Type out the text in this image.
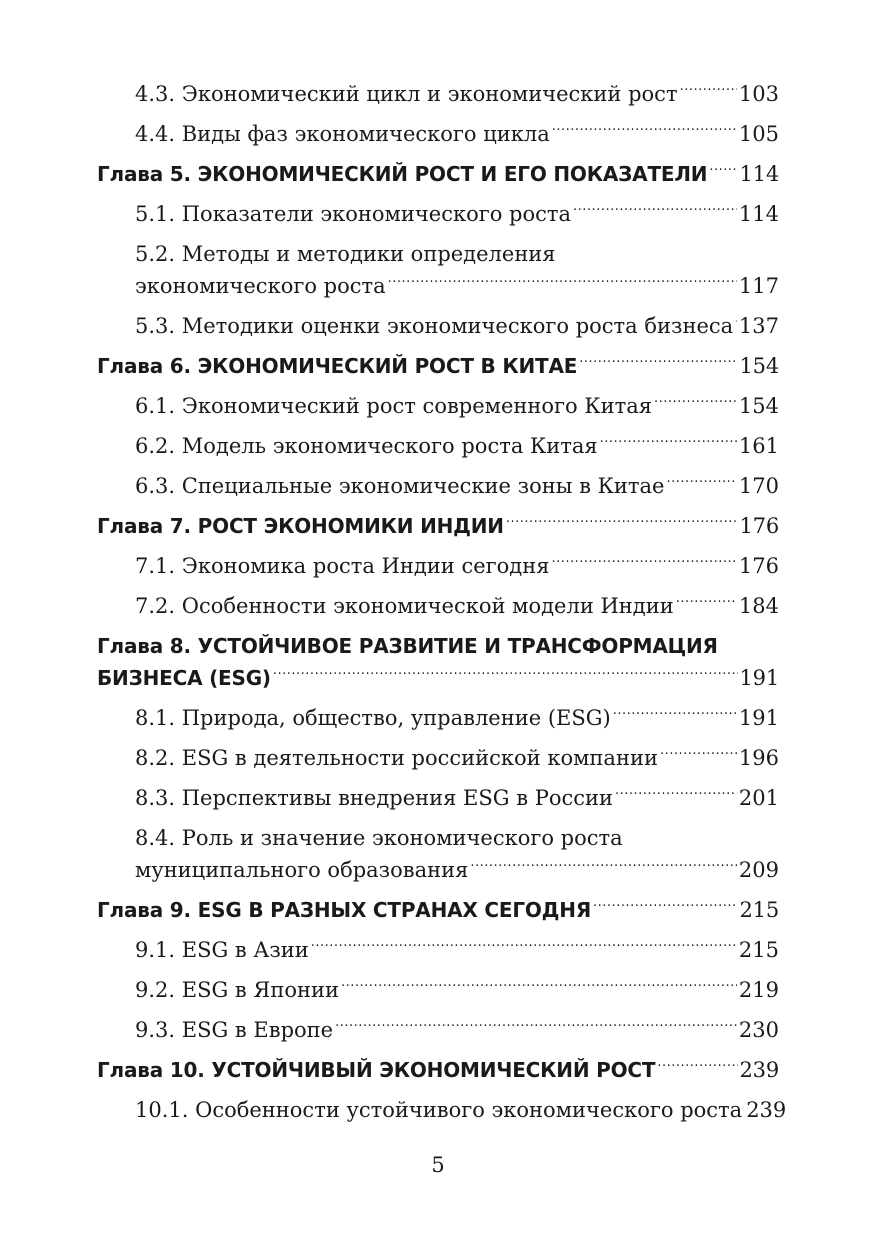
4.3. Экономический цикл и экономический рост .....	103
4.4. Виды фаз экономического цикла .....	105
Глава 5. ЭКОНОМИЧЕСКИЙ РОСТ И ЕГО ПОКАЗАТЕЛИ ..... 114
5.1. Показатели экономического роста .....	114
5.2. Методы и методики определения
экономического роста .....	117
5.3. Методики оценки экономического роста бизнеса ..... 137
Глава 6. ЭКОНОМИЧЕСКИЙ РОСТ В КИТАЕ .....	154
6.1. Экономический рост современного Китая .....	154
6.2. Модель экономического роста Китая .....	161
6.3. Специальные экономические зоны в Китае .....	170
Глава 7. РОСТ ЭКОНОМИКИ ИНДИИ .....	176
7.1. Экономика роста Индии сегодня .....	176
7.2. Особенности экономической модели Индии .....	184
Глава 8. УСТОЙЧИВОЕ РАЗВИТИЕ И ТРАНСФОРМАЦИЯ
БИЗНЕСА (ESG) .....	191
8.1. Природа, общество, управление (ESG) .....	191
8.2. ESG в деятельности российской компании .....	196
8.3. Перспективы внедрения ESG в России .....	201
8.4. Роль и значение экономического роста
муниципального образования .....	209
Глава 9. ESG В РАЗНЫХ СТРАНАХ СЕГОДНЯ .....	215
9.1. ESG в Азии .....	215
9.2. ESG в Японии .....	219
9.3. ESG в Европе .....	230
Глава 10. УСТОЙЧИВЫЙ ЭКОНОМИЧЕСКИЙ РОСТ .....	239
10.1. Особенности устойчивого экономического роста 239
5
